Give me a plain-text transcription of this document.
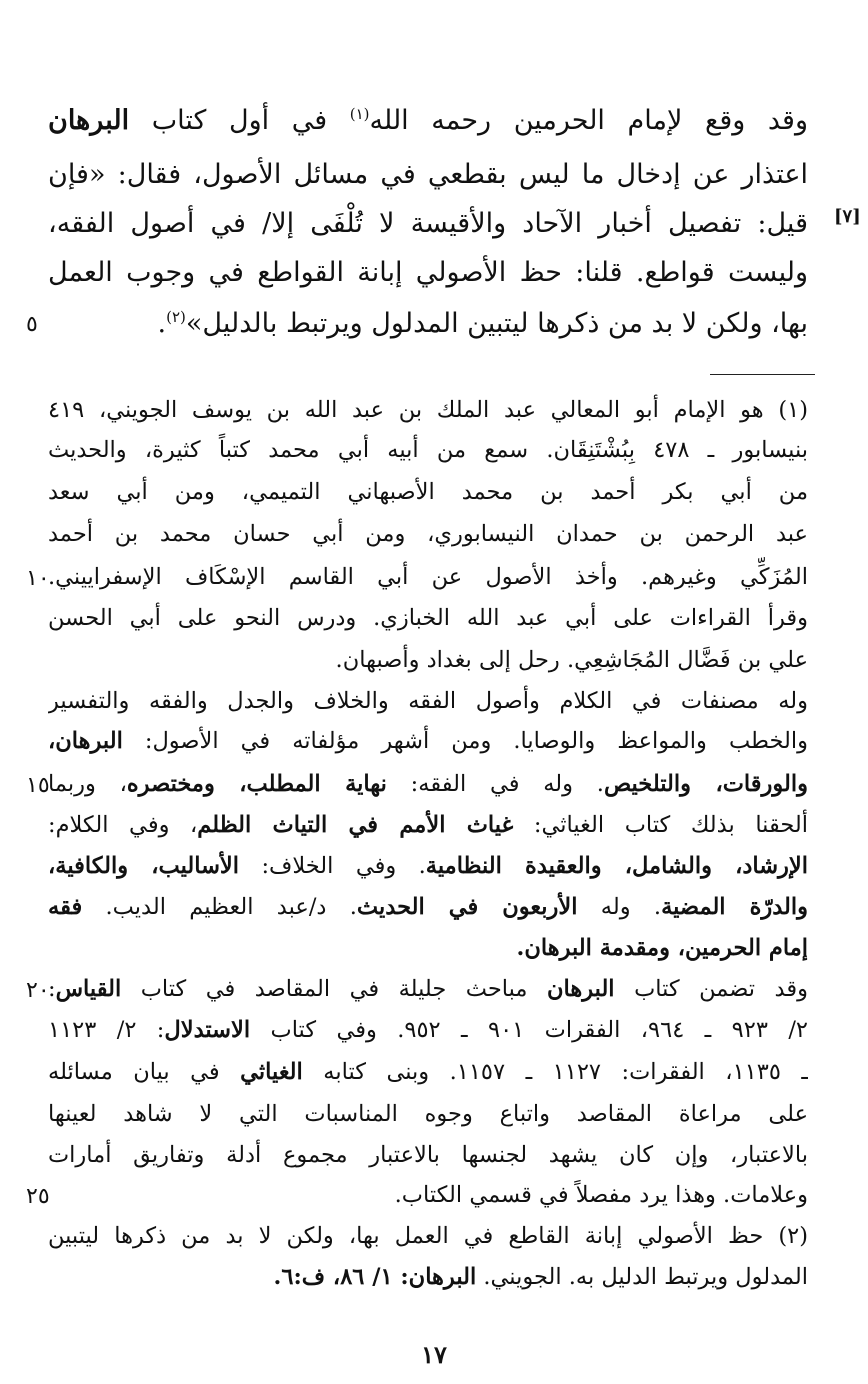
وقد وقع لإمام الحرمين رحمه الله$^{(١)}$ في أول كتاب البرهان
اعتذار عن إدخال ما ليس بقطعي في مسائل الأصول، فقال: «فإن
قيل: تفصيل أخبار الآحاد والأقيسة لا تُلْفَى إلا/ في أصول الفقه،
وليست قواطع. قلنا: حظ الأصولي إبانة القواطع في وجوب العمل
بها، ولكن لا بد من ذكرها ليتبين المدلول ويرتبط بالدليل»$^{(٢)}$.
[٧]
٥
(١) هو الإمام أبو المعالي عبد الملك بن عبد الله بن يوسف الجويني، ٤١٩
بنيسابور ـ ٤٧٨ بِبُشْتَنِقَان. سمع من أبيه أبي محمد كتباً كثيرة، والحديث
من أبي بكر أحمد بن محمد الأصبهاني التميمي، ومن أبي سعد
عبد الرحمن بن حمدان النيسابوري، ومن أبي حسان محمد بن أحمد
المُزَكِّي وغيرهم. وأخذ الأصول عن أبي القاسم الإسْكَاف الإسفراييني.
١٠
وقرأ القراءات على أبي عبد الله الخبازي. ودرس النحو على أبي الحسن
علي بن فَضَّال المُجَاشِعِي. رحل إلى بغداد وأصبهان.
وله مصنفات في الكلام وأصول الفقه والخلاف والجدل والفقه والتفسير
والخطب والمواعظ والوصايا. ومن أشهر مؤلفاته في الأصول: البرهان،
والورقات، والتلخيص. وله في الفقه: نهاية المطلب، ومختصره، وربما
١٥
ألحقنا بذلك كتاب الغياثي: غياث الأمم في التياث الظلم، وفي الكلام:
الإرشاد، والشامل، والعقيدة النظامية. وفي الخلاف: الأساليب، والكافية،
والدرّة المضية. وله الأربعون في الحديث. د/عبد العظيم الديب. فقه
إمام الحرمين، ومقدمة البرهان.
وقد تضمن كتاب البرهان مباحث جليلة في المقاصد في كتاب القياس:
٢٠
٢/ ٩٢٣ ـ ٩٦٤، الفقرات ٩٠١ ـ ٩٥٢. وفي كتاب الاستدلال: ٢/ ١١٢٣
ـ ١١٣٥، الفقرات: ١١٢٧ ـ ١١٥٧. وبنى كتابه الغياثي في بيان مسائله
على مراعاة المقاصد واتباع وجوه المناسبات التي لا شاهد لعينها
بالاعتبار، وإن كان يشهد لجنسها بالاعتبار مجموع أدلة وتفاريق أمارات
وعلامات. وهذا يرد مفصلاً في قسمي الكتاب.
٢٥
(٢) حظ الأصولي إبانة القاطع في العمل بها، ولكن لا بد من ذكرها ليتبين
المدلول ويرتبط الدليل به. الجويني. البرهان: ١/ ٨٦، ف:٦.
١٧
